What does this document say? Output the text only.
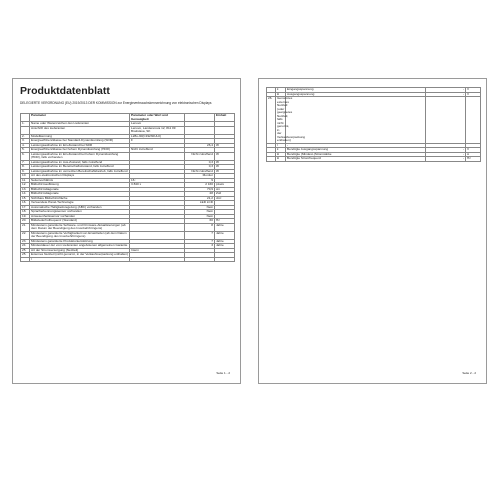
Produktdatenblatt
DELEGIERTE VERORDNUNG (EU) 2019/2013 DER KOMMISSION zur Energieverbrauchskennzeichnung von elektronischen Displays
	Parameter	Parameter oder Wert und Genauigkeit		Einheit
1.	Name oder Warenzeichen des Lieferanten	Lenovo		
	Anschrift des Lieferanten	Lenovo, Landererova 12, 811 09 Bratislava, SK		
2.	Modellkennung	L28u-30(C19230UL0)		
3.	Energieeffizienzklasse bei Standard-Dynamikumfang (SDR)	F		
4.	Leistungsaufnahme im Ein-Zustand bei SDR		26,4	W
5.	Energieeffizienzklasse bei hohem Dynamikumfang (HDR)	Nicht zutreffend		
6.	Leistungsaufnahme im Ein-Zustand bei hohem Dynamikumfang (HDR), falls vorhanden		Nicht zutreffend	W
7.	Leistungsaufnahme im Aus-Zustand, falls zutreffend		0,3	W
8.	Leistungsaufnahme im Bereitschaftszustand, falls zutreffend		0,3	W
9.	Leistungsaufnahme im vernetzten Bereitschaftsbetrieb, falls zutreffend		Nicht zutreffend	W
10.	Art des elektronischen Displays		Monitor	
11.	Seitenverhältnis	16 :	9	
12.	Bildschirmauflösung	3 840 x	2 160	pixels
13.	Bildschirmdiagonale		70,9	cm
14.	Bildschirmdiagonale		28	Zoll
15.	Sichtbare Bildschirmfläche		21,2	dm²
16.	Verwendete Panel-Technologie		LED LCD	
17.	Automatische Helligkeitsregelung (ABC) vorhanden		Nein	
18.	Spracherkennungssensor vorhanden		Nein	
19.	Anwesenheitssensor vorhanden		Nein	
20.	Bildwiederholfrequenz (Standard)		60	Hz
21.	Mindestens garantierte Software- und Firmware-Aktualisierungen (ab dem Datum der Beendigung des Inverkehrbringens)		8	Jahre
22.	Mindestens garantierte Verfügbarkeit von Ersatzteilen (ab dem Datum der Beendigung des Inverkehrbringens)		7	Jahre
23.	Mindestens garantierte Produktunterstützung		7	Jahre
24.	Mindestdauer der vom Lieferanten angebotenen allgemeinen Garantie		3	Jahre
25.	Art der Stromversorgung (Netzteil)	Intern		
25.	Externes Netzteil (nicht genormt, in der Verkaufsverpackung enthalten)			
	/	-		
Seite 1 - 2
	ii	Eingangsspannung	-	V
	iii	Ausgangsspannung	-	V
26.	Genormtes externes Netzteil (oder geeignetes Netzteil, falls nicht genormt, in der Verkaufsverpackung enthalten)			
	/	-		
	ii	Benötigte Ausgangsspannung	-	V
	iii	Benötigte (Mindest-)Stromstärke	-	A
	iii	Benötigte Stromfrequenz	-	Hz
Seite 2 - 2
